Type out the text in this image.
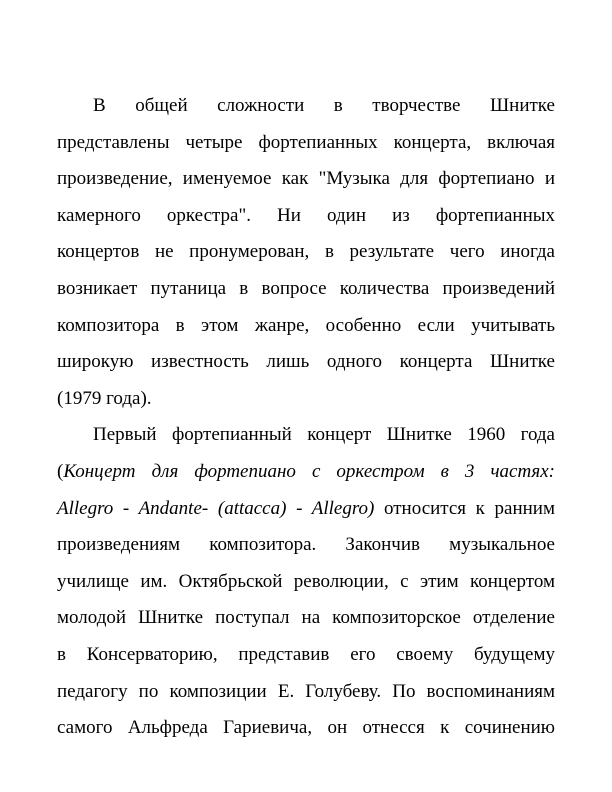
В общей сложности в творчестве Шнитке
представлены четыре фортепианных концерта, включая
произведение, именуемое как "Музыка для фортепиано и
камерного оркестра". Ни один из фортепианных
концертов не пронумерован, в результате чего иногда
возникает путаница в вопросе количества произведений
композитора в этом жанре, особенно если учитывать
широкую известность лишь одного концерта Шнитке
(1979 года).
Первый фортепианный концерт Шнитке 1960 года
(Концерт для фортепиано с оркестром в 3 частях:
Allegro - Andante- (attacca) - Allegro) относится к ранним
произведениям композитора. Закончив музыкальное
училище им. Октябрьской революции, с этим концертом
молодой Шнитке поступал на композиторское отделение
в Консерваторию, представив его своему будущему
педагогу по композиции Е. Голубеву. По воспоминаниям
самого Альфреда Гариевича, он отнесся к сочинению
